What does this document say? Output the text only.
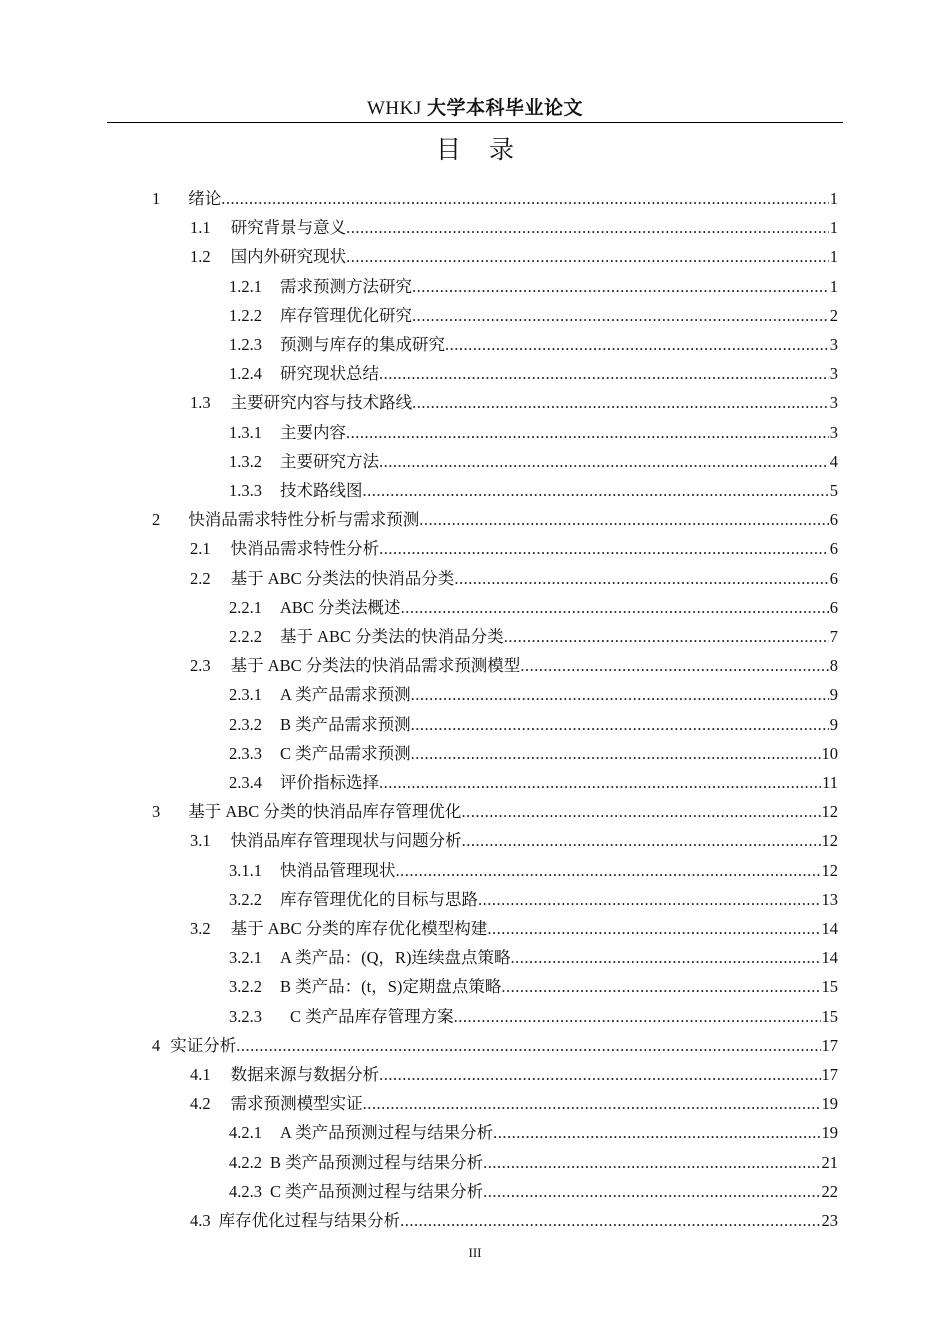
WHKJ 大学本科毕业论文
目 录
1 绪论 .....	1
1.1 研究背景与意义 .....	1
1.2 国内外研究现状 .....	1
1.2.1 需求预测方法研究 .....	1
1.2.2 库存管理优化研究 .....	2
1.2.3 预测与库存的集成研究 .....	3
1.2.4 研究现状总结 .....	3
1.3 主要研究内容与技术路线 .....	3
1.3.1 主要内容 .....	3
1.3.2 主要研究方法 .....	4
1.3.3 技术路线图 .....	5
2 快消品需求特性分析与需求预测 .....	6
2.1 快消品需求特性分析 .....	6
2.2 基于 ABC 分类法的快消品分类 .....	6
2.2.1 ABC 分类法概述 .....	6
2.2.2 基于 ABC 分类法的快消品分类 .....	7
2.3 基于 ABC 分类法的快消品需求预测模型 .....	8
2.3.1 A 类产品需求预测 .....	9
2.3.2 B 类产品需求预测 .....	9
2.3.3 C 类产品需求预测 .....	10
2.3.4 评价指标选择 .....	11
3 基于 ABC 分类的快消品库存管理优化 .....	12
3.1 快消品库存管理现状与问题分析 .....	12
3.1.1 快消品管理现状 .....	12
3.2.2 库存管理优化的目标与思路 .....	13
3.2 基于 ABC 分类的库存优化模型构建 .....	14
3.2.1 A 类产品：(Q，R)连续盘点策略 .....	14
3.2.2 B 类产品：(t，S)定期盘点策略 .....	15
3.2.3 C 类产品库存管理方案 .....	15
4 实证分析 .....	17
4.1 数据来源与数据分析 .....	17
4.2 需求预测模型实证 .....	19
4.2.1 A 类产品预测过程与结果分析 .....	19
4.2.2 B 类产品预测过程与结果分析 .....	21
4.2.3 C 类产品预测过程与结果分析 .....	22
4.3 库存优化过程与结果分析 .....	23
III
